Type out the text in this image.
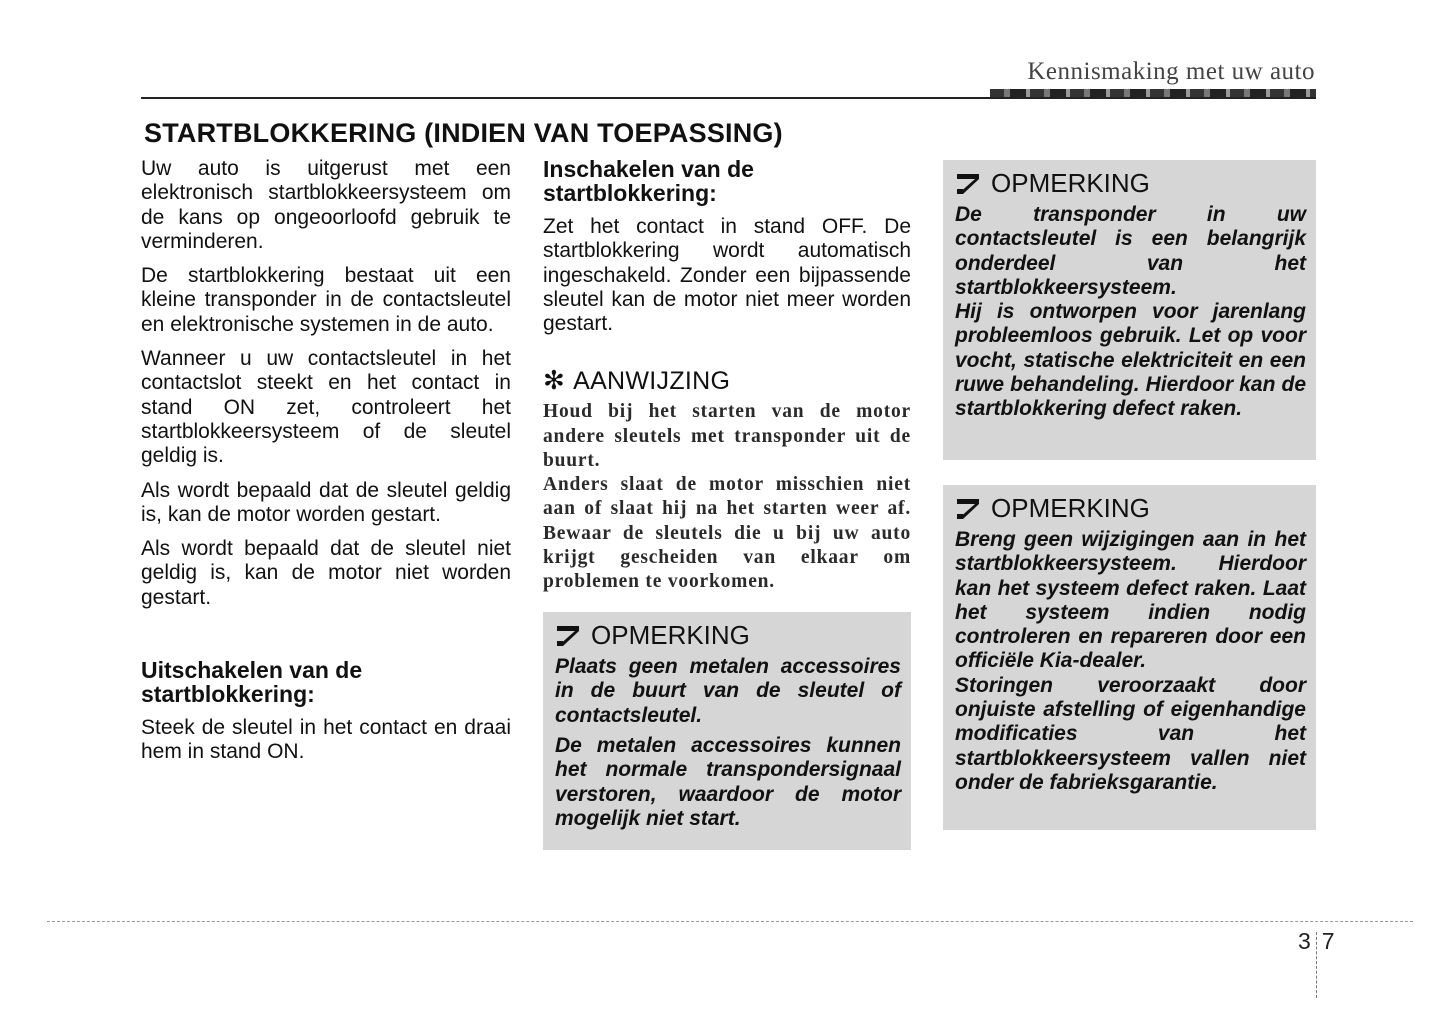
Kennismaking met uw auto
STARTBLOKKERING (INDIEN VAN TOEPASSING)

Uw auto is uitgerust met een elektronisch startblokkeersysteem om de kans op ongeoorloofd gebruik te verminderen.

De startblokkering bestaat uit een kleine transponder in de contactsleutel en elektronische systemen in de auto.

Wanneer u uw contactsleutel in het contactslot steekt en het contact in stand ON zet, controleert het startblokkeersysteem of de sleutel geldig is.

Als wordt bepaald dat de sleutel geldig is, kan de motor worden gestart.

Als wordt bepaald dat de sleutel niet geldig is, kan de motor niet worden gestart.

Uitschakelen van de startblokkering:

Steek de sleutel in het contact en draai hem in stand ON.

Inschakelen van de startblokkering:

Zet het contact in stand OFF. De startblokkering wordt automatisch ingeschakeld. Zonder een bijpassende sleutel kan de motor niet meer worden gestart.

✻ AANWIJZING

Houd bij het starten van de motor andere sleutels met transponder uit de buurt.

Anders slaat de motor misschien niet aan of slaat hij na het starten weer af. Bewaar de sleutels die u bij uw auto krijgt gescheiden van elkaar om problemen te voorkomen.

OPMERKING

Plaats geen metalen accessoires in de buurt van de sleutel of contactsleutel.

De metalen accessoires kunnen het normale transpondersignaal verstoren, waardoor de motor mogelijk niet start.

OPMERKING

De transponder in uw contactsleutel is een belangrijk onderdeel van het startblokkeersysteem.

Hij is ontworpen voor jarenlang probleemloos gebruik. Let op voor vocht, statische elektriciteit en een ruwe behandeling. Hierdoor kan de startblokkering defect raken.

OPMERKING

Breng geen wijzigingen aan in het startblokkeersysteem. Hierdoor kan het systeem defect raken. Laat het systeem indien nodig controleren en repareren door een officiële Kia-dealer.

Storingen veroorzaakt door onjuiste afstelling of eigenhandige modificaties van het startblokkeersysteem vallen niet onder de fabrieksgarantie.

3 7
